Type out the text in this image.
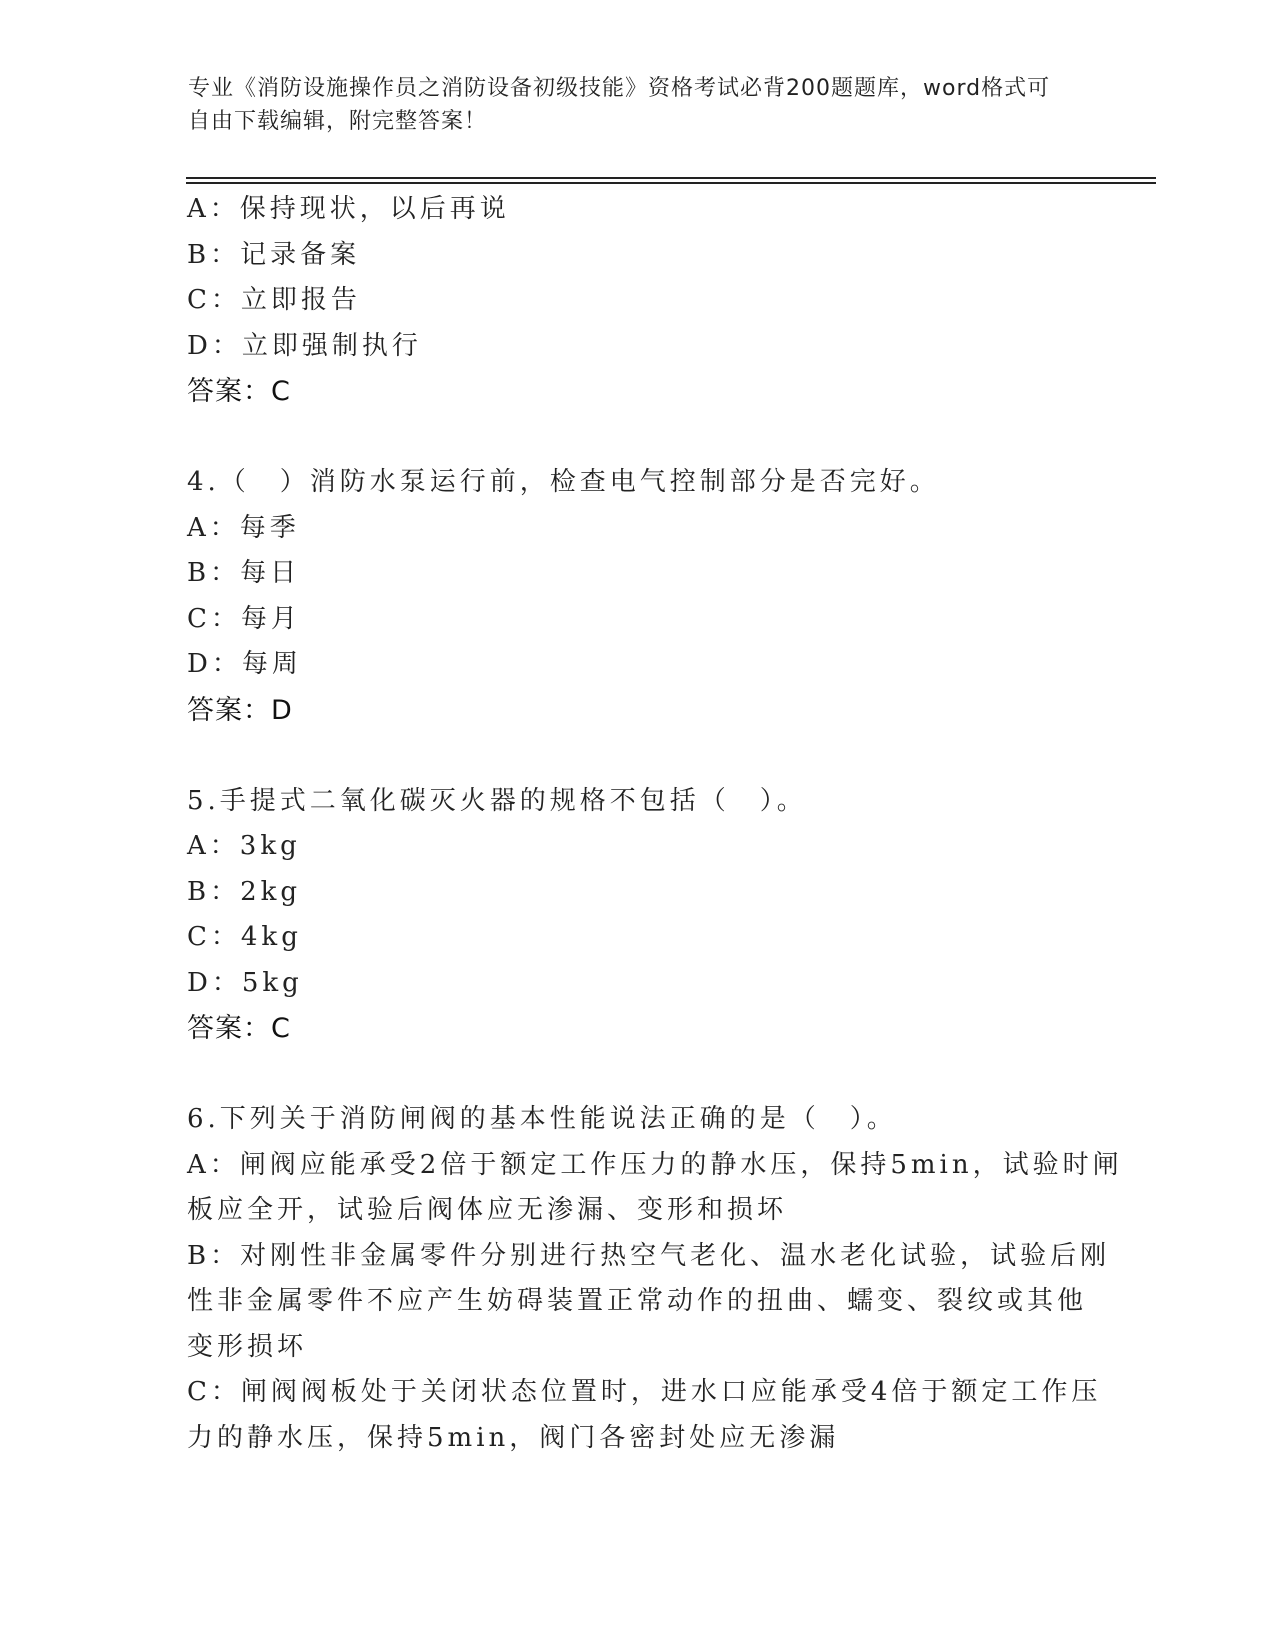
专业《消防设施操作员之消防设备初级技能》资格考试必背200题题库，word格式可自由下载编辑，附完整答案！
A：保持现状，以后再说
B：记录备案
C：立即报告
D：立即强制执行
答案：C
4.（　）消防水泵运行前，检查电气控制部分是否完好。
A：每季
B：每日
C：每月
D：每周
答案：D
5.手提式二氧化碳灭火器的规格不包括（　）。
A：3kg
B：2kg
C：4kg
D：5kg
答案：C
6.下列关于消防闸阀的基本性能说法正确的是（　）。
A：闸阀应能承受2倍于额定工作压力的静水压，保持5min，试验时闸
板应全开，试验后阀体应无渗漏、变形和损坏
B：对刚性非金属零件分别进行热空气老化、温水老化试验，试验后刚
性非金属零件不应产生妨碍装置正常动作的扭曲、蠕变、裂纹或其他
变形损坏
C：闸阀阀板处于关闭状态位置时，进水口应能承受4倍于额定工作压
力的静水压，保持5min，阀门各密封处应无渗漏
